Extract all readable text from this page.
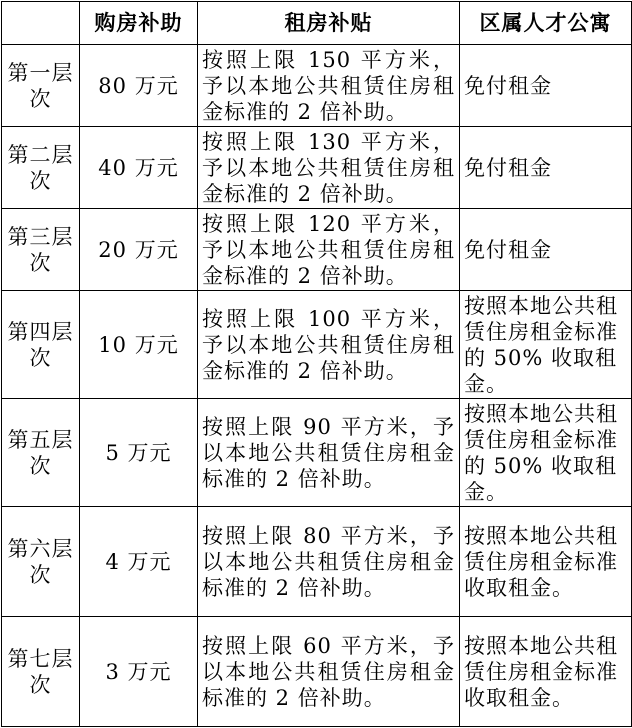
	购房补助	租房补贴	区属人才公寓
第一层次	80 万元	按照上限 150 平方米，予以本地公共租赁住房租金标准的 2 倍补助。	免付租金
第二层次	40 万元	按照上限 130 平方米，予以本地公共租赁住房租金标准的 2 倍补助。	免付租金
第三层次	20 万元	按照上限 120 平方米，予以本地公共租赁住房租金标准的 2 倍补助。	免付租金
第四层次	10 万元	按照上限 100 平方米，予以本地公共租赁住房租金标准的 2 倍补助。	按照本地公共租赁住房租金标准的 50% 收取租金。
第五层次	5 万元	按照上限 90 平方米，予以本地公共租赁住房租金标准的 2 倍补助。	按照本地公共租赁住房租金标准的 50% 收取租金。
第六层次	4 万元	按照上限 80 平方米，予以本地公共租赁住房租金标准的 2 倍补助。	按照本地公共租赁住房租金标准收取租金。
第七层次	3 万元	按照上限 60 平方米，予以本地公共租赁住房租金标准的 2 倍补助。	按照本地公共租赁住房租金标准收取租金。
